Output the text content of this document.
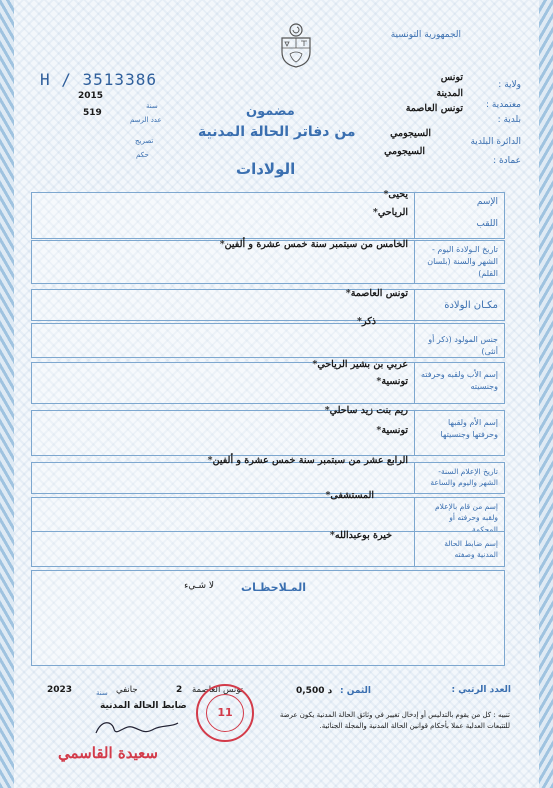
الجمهورية التونسية
H / 3513386
2015
سنة
519
عدد الرسم
تصريح
حكم
مضمون
من دفاتر الحالة المدنية
الولادات
ولاية :
تونس
معتمدية :
المدينة
بلدية :
تونس العاصمة
الدائرة البلدية
السيجومي
عمادة :
السيجومي
الإسم
اللقب
يحيى*
الرياحي*
تاريخ الـولادة اليوم - الشهر والسنة (بلسان القلم)
الخامس من سبتمبر سنة خمس عشرة و ألفين*
مكـان الولادة
تونس العاصمة*
جنس المولود (ذكر أو أنثى)
ذكر*
إسم الأب ولقبه وحرفته وجنسيته
عربي بن بشير الرياحي*
تونسية*
إسم الأم ولقبها وحرفتها وجنسيتها
ريم بنت زيد ساحلي*
تونسية*
تاريخ الإعلام السنة-الشهر واليوم والساعة
الرابع عشر من سبتمبر سنة خمس عشرة و ألفين*
إسم من قام بالإعلام ولقبه وحرفته أو المحكمة
المستشفى*
إسم ضابط الحالة المدنية وصفته
خيرة بوعبدالله*
المـلاحظـات
لا شـيء
العدد الرتبي :
الثمن :
0,500 د
2023	سنة جانفي	2 تونس العاصمة
ضابط الحالة المدنية	11
سعيدة القاسمي
تنبيه : كل من يقوم بالتدليس أو إدخال تغيير في وثائق الحالة المدنية يكون عرضة للتتبعات العدلية عملا بأحكام قوانين الحالة المدنية والمجلة الجنائية.
